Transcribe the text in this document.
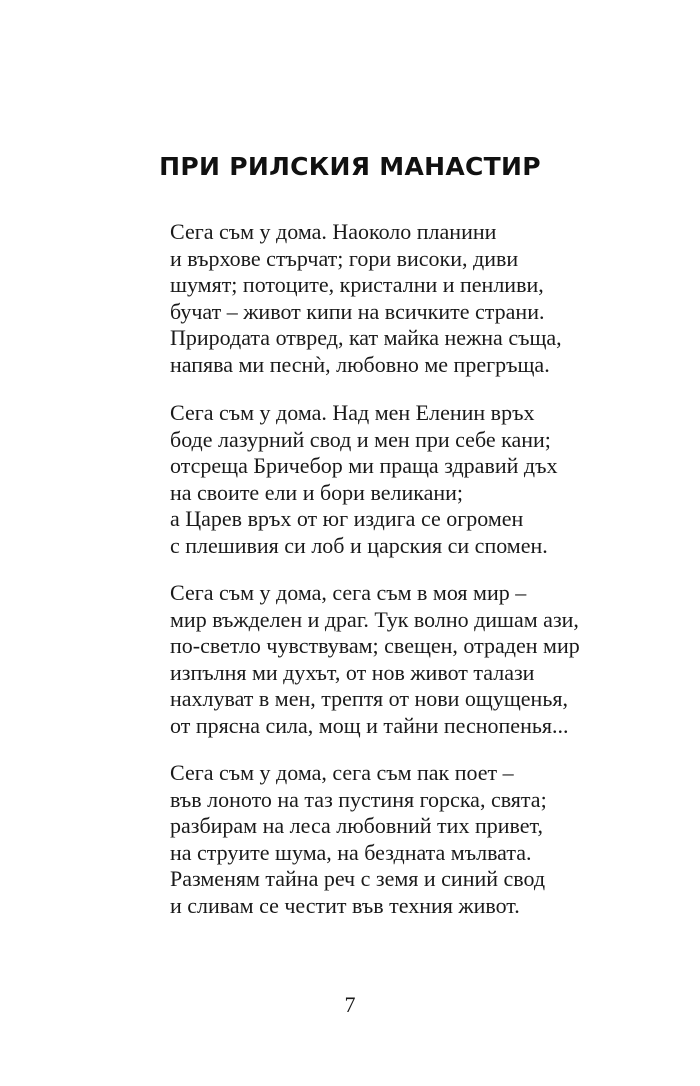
ПРИ РИЛСКИЯ МАНАСТИР
Сега съм у дома. Наоколо планини
и върхове стърчат; гори високи, диви
шумят; потоците, кристални и пенливи,
бучат – живот кипи на всичките страни.
Природата отвред, кат майка нежна същa,
напява ми песнѝ, любовно ме прегръща.
Сега съм у дома. Над мен Еленин връх
боде лазурний свод и мен при себе кани;
отсреща Бричебор ми праща здравий дъх
на своите ели и бори великани;
а Царев връх от юг издига се огромен
с плешивия си лоб и царския си спомен.
Сега съм у дома, сега съм в моя мир –
мир въжделен и драг. Тук волно дишам ази,
по-светло чувствувам; свещен, отраден мир
изпълня ми духът, от нов живот талази
нахлуват в мен, трептя от нови ощущенья,
от прясна сила, мощ и тайни песнопенья...
Сега съм у дома, сега съм пак поет –
във лоното на таз пустиня горска, свята;
разбирам на леса любовний тих привет,
на струите шума, на бездната мълвата.
Разменям тайна реч с земя и синий свод
и сливам се честит във техния живот.
7
